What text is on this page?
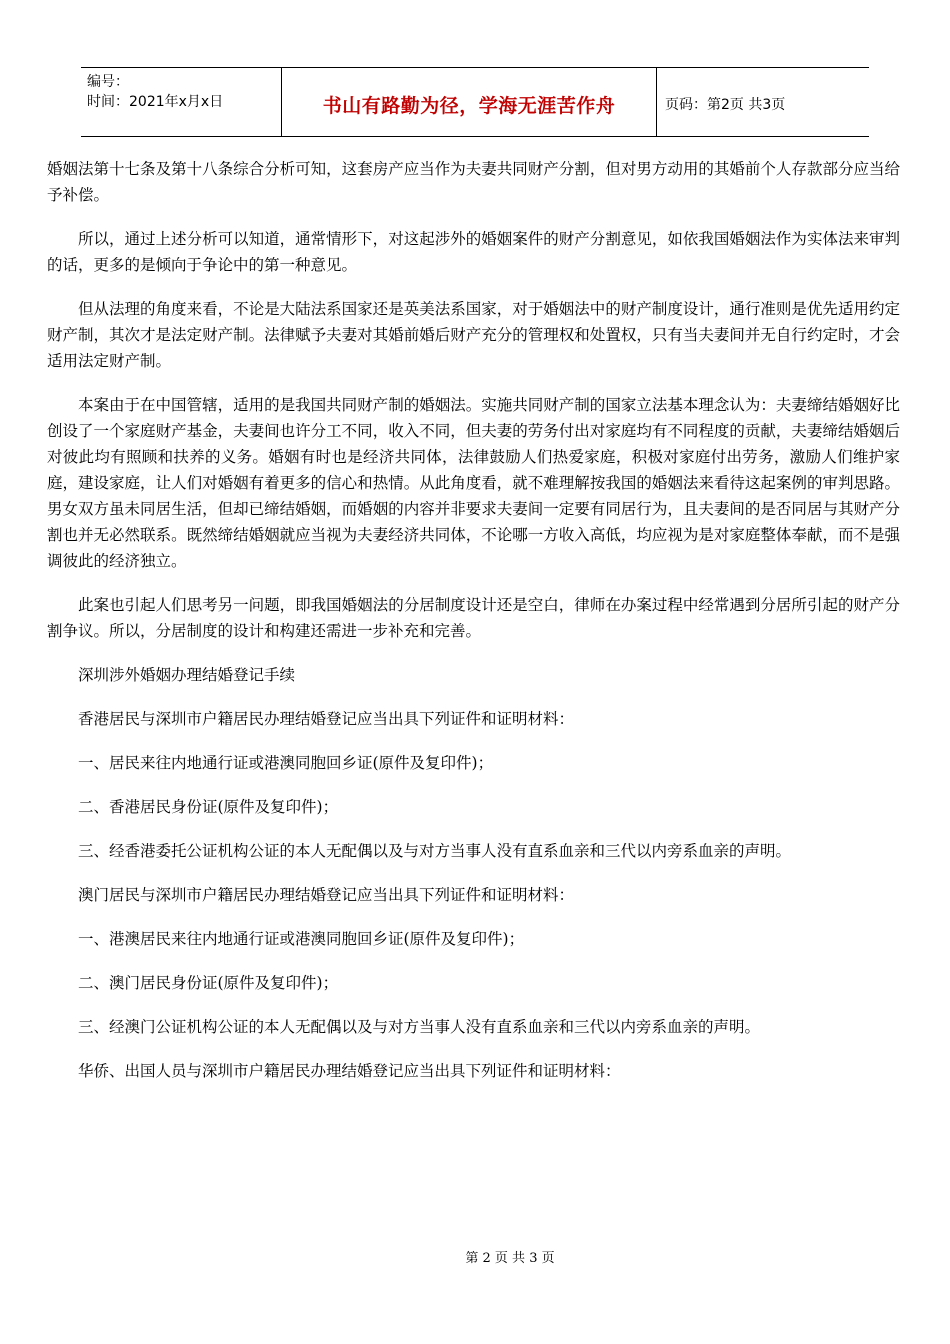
编号：
时间：2021年x月x日	书山有路勤为径，学海无涯苦作舟	页码：第2页 共3页

婚姻法第十七条及第十八条综合分析可知，这套房产应当作为夫妻共同财产分割，但对男方动用的其婚前个人存款部分应当给予补偿。

所以，通过上述分析可以知道，通常情形下，对这起涉外的婚姻案件的财产分割意见，如依我国婚姻法作为实体法来审判的话，更多的是倾向于争论中的第一种意见。

但从法理的角度来看，不论是大陆法系国家还是英美法系国家，对于婚姻法中的财产制度设计，通行准则是优先适用约定财产制，其次才是法定财产制。法律赋予夫妻对其婚前婚后财产充分的管理权和处置权，只有当夫妻间并无自行约定时，才会适用法定财产制。

本案由于在中国管辖，适用的是我国共同财产制的婚姻法。实施共同财产制的国家立法基本理念认为：夫妻缔结婚姻好比创设了一个家庭财产基金，夫妻间也许分工不同，收入不同，但夫妻的劳务付出对家庭均有不同程度的贡献，夫妻缔结婚姻后对彼此均有照顾和扶养的义务。婚姻有时也是经济共同体，法律鼓励人们热爱家庭，积极对家庭付出劳务，激励人们维护家庭，建设家庭，让人们对婚姻有着更多的信心和热情。从此角度看，就不难理解按我国的婚姻法来看待这起案例的审判思路。男女双方虽未同居生活，但却已缔结婚姻，而婚姻的内容并非要求夫妻间一定要有同居行为，且夫妻间的是否同居与其财产分割也并无必然联系。既然缔结婚姻就应当视为夫妻经济共同体，不论哪一方收入高低，均应视为是对家庭整体奉献，而不是强调彼此的经济独立。

此案也引起人们思考另一问题，即我国婚姻法的分居制度设计还是空白，律师在办案过程中经常遇到分居所引起的财产分割争议。所以，分居制度的设计和构建还需进一步补充和完善。

深圳涉外婚姻办理结婚登记手续

香港居民与深圳市户籍居民办理结婚登记应当出具下列证件和证明材料：

一、居民来往内地通行证或港澳同胞回乡证(原件及复印件)；

二、香港居民身份证(原件及复印件)；

三、经香港委托公证机构公证的本人无配偶以及与对方当事人没有直系血亲和三代以内旁系血亲的声明。

澳门居民与深圳市户籍居民办理结婚登记应当出具下列证件和证明材料：

一、港澳居民来往内地通行证或港澳同胞回乡证(原件及复印件)；

二、澳门居民身份证(原件及复印件)；

三、经澳门公证机构公证的本人无配偶以及与对方当事人没有直系血亲和三代以内旁系血亲的声明。

华侨、出国人员与深圳市户籍居民办理结婚登记应当出具下列证件和证明材料：

第 2 页 共 3 页
